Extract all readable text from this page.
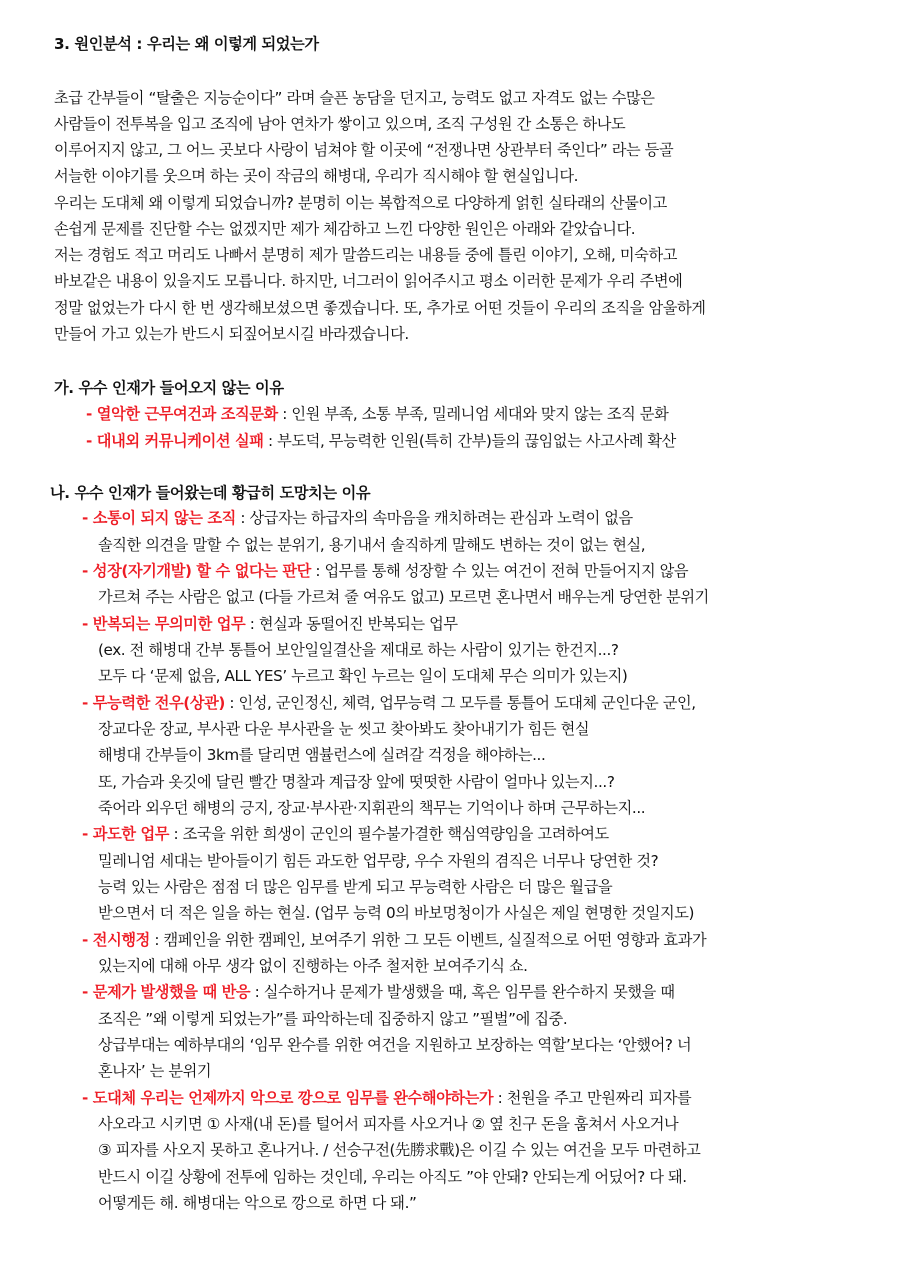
3. 원인분석 : 우리는 왜 이렇게 되었는가

초급 간부들이 “탈출은 지능순이다” 라며 슬픈 농담을 던지고, 능력도 없고 자격도 없는 수많은

사람들이 전투복을 입고 조직에 남아 연차가 쌓이고 있으며, 조직 구성원 간 소통은 하나도

이루어지지 않고, 그 어느 곳보다 사랑이 넘쳐야 할 이곳에 “전쟁나면 상관부터 죽인다” 라는 등골

서늘한 이야기를 웃으며 하는 곳이 작금의 해병대, 우리가 직시해야 할 현실입니다.

우리는 도대체 왜 이렇게 되었습니까? 분명히 이는 복합적으로 다양하게 얽힌 실타래의 산물이고

손쉽게 문제를 진단할 수는 없겠지만 제가 체감하고 느낀 다양한 원인은 아래와 같았습니다.

저는 경험도 적고 머리도 나빠서 분명히 제가 말씀드리는 내용들 중에 틀린 이야기, 오해, 미숙하고

바보같은 내용이 있을지도 모릅니다. 하지만, 너그러이 읽어주시고 평소 이러한 문제가 우리 주변에

정말 없었는가 다시 한 번 생각해보셨으면 좋겠습니다. 또, 추가로 어떤 것들이 우리의 조직을 암울하게

만들어 가고 있는가 반드시 되짚어보시길 바라겠습니다.

가. 우수 인재가 들어오지 않는 이유

- 열악한 근무여건과 조직문화 : 인원 부족, 소통 부족, 밀레니엄 세대와 맞지 않는 조직 문화

- 대내외 커뮤니케이션 실패 : 부도덕, 무능력한 인원(특히 간부)들의 끊임없는 사고사례 확산

나. 우수 인재가 들어왔는데 황급히 도망치는 이유

- 소통이 되지 않는 조직 : 상급자는 하급자의 속마음을 캐치하려는 관심과 노력이 없음

솔직한 의견을 말할 수 없는 분위기, 용기내서 솔직하게 말해도 변하는 것이 없는 현실,

- 성장(자기개발) 할 수 없다는 판단 : 업무를 통해 성장할 수 있는 여건이 전혀 만들어지지 않음

가르쳐 주는 사람은 없고 (다들 가르쳐 줄 여유도 없고) 모르면 혼나면서 배우는게 당연한 분위기

- 반복되는 무의미한 업무 : 현실과 동떨어진 반복되는 업무

(ex. 전 해병대 간부 통틀어 보안일일결산을 제대로 하는 사람이 있기는 한건지...?

모두 다 ‘문제 없음, ALL YES’ 누르고 확인 누르는 일이 도대체 무슨 의미가 있는지)

- 무능력한 전우(상관) : 인성, 군인정신, 체력, 업무능력 그 모두를 통틀어 도대체 군인다운 군인,

장교다운 장교, 부사관 다운 부사관을 눈 씻고 찾아봐도 찾아내기가 힘든 현실

해병대 간부들이 3km를 달리면 앰뷸런스에 실려갈 걱정을 해야하는...

또, 가슴과 옷깃에 달린 빨간 명찰과 계급장 앞에 떳떳한 사람이 얼마나 있는지...?

죽어라 외우던 해병의 긍지, 장교·부사관·지휘관의 책무는 기억이나 하며 근무하는지...

- 과도한 업무 : 조국을 위한 희생이 군인의 필수불가결한 핵심역량임을 고려하여도

밀레니엄 세대는 받아들이기 힘든 과도한 업무량, 우수 자원의 겸직은 너무나 당연한 것?

능력 있는 사람은 점점 더 많은 임무를 받게 되고 무능력한 사람은 더 많은 월급을

받으면서 더 적은 일을 하는 현실. (업무 능력 0의 바보멍청이가 사실은 제일 현명한 것일지도)

- 전시행정 : 캠페인을 위한 캠페인, 보여주기 위한 그 모든 이벤트, 실질적으로 어떤 영향과 효과가

있는지에 대해 아무 생각 없이 진행하는 아주 철저한 보여주기식 쇼.

- 문제가 발생했을 때 반응 : 실수하거나 문제가 발생했을 때, 혹은 임무를 완수하지 못했을 때

조직은 ”왜 이렇게 되었는가”를 파악하는데 집중하지 않고 ”필벌”에 집중.

상급부대는 예하부대의 ‘임무 완수를 위한 여건을 지원하고 보장하는 역할’보다는 ‘안했어? 너

혼나자’ 는 분위기

- 도대체 우리는 언제까지 악으로 깡으로 임무를 완수해야하는가 : 천원을 주고 만원짜리 피자를

사오라고 시키면 ① 사재(내 돈)를 털어서 피자를 사오거나 ② 옆 친구 돈을 훔쳐서 사오거나

③ 피자를 사오지 못하고 혼나거나. / 선승구전(先勝求戰)은 이길 수 있는 여건을 모두 마련하고

반드시 이길 상황에 전투에 임하는 것인데, 우리는 아직도 ”야 안돼? 안되는게 어딨어? 다 돼.

어떻게든 해. 해병대는 악으로 깡으로 하면 다 돼.”
